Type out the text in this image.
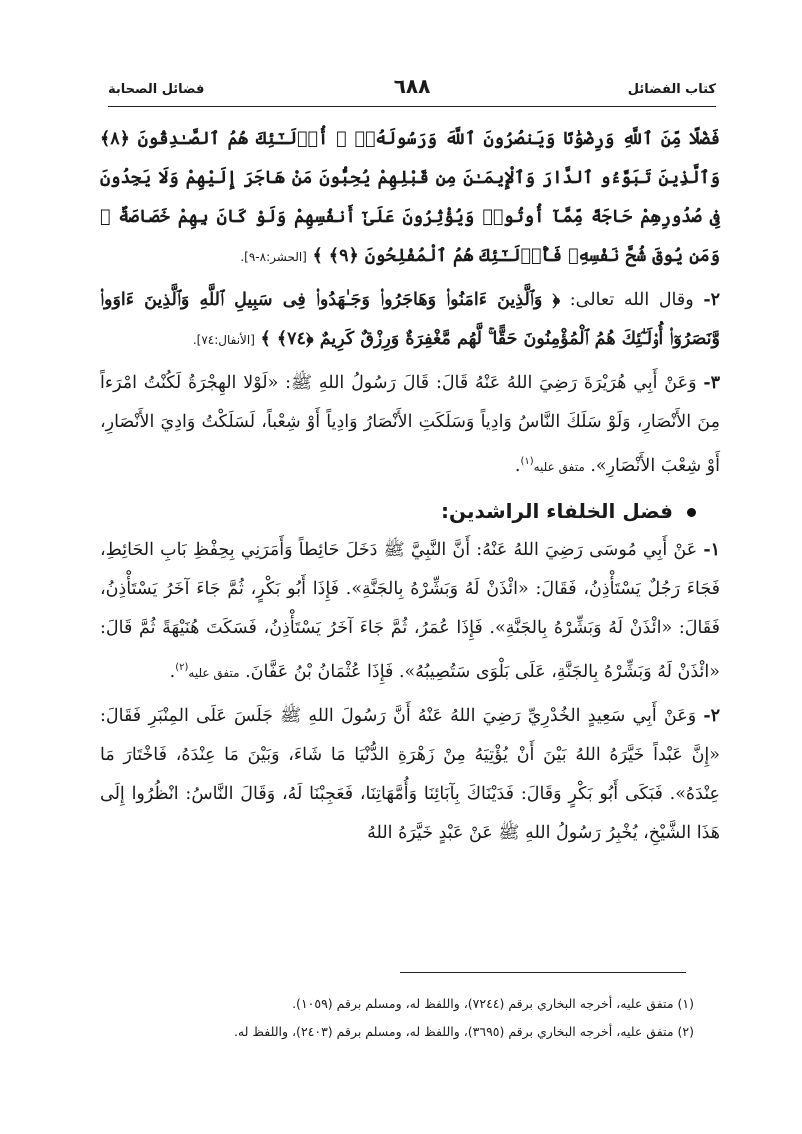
كتاب الفضائل
٦٨٨
فضائل الصحابة

فَضْلًا مِّنَ ٱللَّهِ وَرِضْوَٰنًا وَيَنصُرُونَ ٱللَّهَ وَرَسُولَهُۥٓ ۚ أُو۟لَـٰٓئِكَ هُمُ ٱلصَّـٰدِقُونَ ﴿٨﴾ وَٱلَّذِينَ تَبَوَّءُو ٱلدَّارَ وَٱلْإِيمَـٰنَ مِن قَبْلِهِمْ يُحِبُّونَ مَنْ هَاجَرَ إِلَيْهِمْ وَلَا يَجِدُونَ فِى صُدُورِهِمْ حَاجَةً مِّمَّآ أُوتُوا۟ وَيُؤْثِرُونَ عَلَىٰٓ أَنفُسِهِمْ وَلَوْ كَانَ بِهِمْ خَصَاصَةٌ ۚ وَمَن يُوقَ شُحَّ نَفْسِهِۦ فَأُو۟لَـٰٓئِكَ هُمُ ٱلْمُفْلِحُونَ ﴿٩﴾ ﴾ [الحشر:٨-٩].

٢- وقال الله تعالى: ﴿ وَٱلَّذِينَ ءَامَنُوا۟ وَهَاجَرُوا۟ وَجَـٰهَدُوا۟ فِى سَبِيلِ ٱللَّهِ وَٱلَّذِينَ ءَاوَوا۟ وَّنَصَرُوٓا۟ أُو۟لَـٰٓئِكَ هُمُ ٱلْمُؤْمِنُونَ حَقًّا ۚ لَّهُم مَّغْفِرَةٌ وَرِزْقٌ كَرِيمٌ ﴿٧٤﴾ ﴾ [الأنفال:٧٤].

٣- وَعَنْ أَبِي هُرَيْرَةَ رَضِيَ اللهُ عَنْهُ قَالَ: قَالَ رَسُولُ اللهِ ﷺ: «لَوْلا الهِجْرَةُ لَكُنْتُ امْرَءاً مِنَ الأَنْصَارِ، وَلَوْ سَلَكَ النَّاسُ وَادِياً وَسَلَكَتِ الأَنْصَارُ وَادِياً أَوْ شِعْباً، لَسَلَكْتُ وَادِيَ الأَنْصَارِ، أَوْ شِعْبَ الأَنْصَارِ». متفق عليه$^{(١)}$.

فضل الخلفاء الراشدين:

١- عَنْ أَبِي مُوسَى رَضِيَ اللهُ عَنْهُ: أَنَّ النَّبِيَّ ﷺ دَخَلَ حَائِطاً وَأَمَرَنِي بِحِفْظِ بَابِ الحَائِطِ، فَجَاءَ رَجُلٌ يَسْتَأْذِنُ، فَقَالَ: «ائْذَنْ لَهُ وَبَشِّرْهُ بِالجَنَّةِ». فَإِذَا أَبُو بَكْرٍ، ثُمَّ جَاءَ آخَرُ يَسْتَأْذِنُ، فَقَالَ: «ائْذَنْ لَهُ وَبَشِّرْهُ بِالجَنَّةِ». فَإِذَا عُمَرُ، ثُمَّ جَاءَ آخَرُ يَسْتَأْذِنُ، فَسَكَتَ هُنَيْهَةً ثُمَّ قَالَ: «ائْذَنْ لَهُ وَبَشِّرْهُ بِالجَنَّةِ، عَلَى بَلْوَى سَتُصِيبُهُ». فَإِذَا عُثْمَانُ بْنُ عَفَّانَ. متفق عليه$^{(٢)}$.

٢- وَعَنْ أَبِي سَعِيدٍ الخُدْرِيِّ رَضِيَ اللهُ عَنْهُ أَنَّ رَسُولَ اللهِ ﷺ جَلَسَ عَلَى المِنْبَرِ فَقَالَ: «إِنَّ عَبْداً خَيَّرَهُ اللهُ بَيْنَ أَنْ يُؤْتِيَهُ مِنْ زَهْرَةِ الدُّنْيَا مَا شَاءَ، وَبَيْنَ مَا عِنْدَهُ، فَاخْتَارَ مَا عِنْدَهُ». فَبَكَى أَبُو بَكْرٍ وَقَالَ: فَدَيْنَاكَ بِآبَائِنَا وَأُمَّهَاتِنَا، فَعَجِبْنَا لَهُ، وَقَالَ النَّاسُ: انْظُرُوا إِلَى هَذَا الشَّيْخِ، يُخْبِرُ رَسُولُ اللهِ ﷺ عَنْ عَبْدٍ خَيَّرَهُ اللهُ

(١) متفق عليه، أخرجه البخاري برقم (٧٢٤٤)، واللفظ له، ومسلم برقم (١٠٥٩).

(٢) متفق عليه، أخرجه البخاري برقم (٣٦٩٥)، واللفظ له، ومسلم برقم (٢٤٠٣)، واللفظ له.
